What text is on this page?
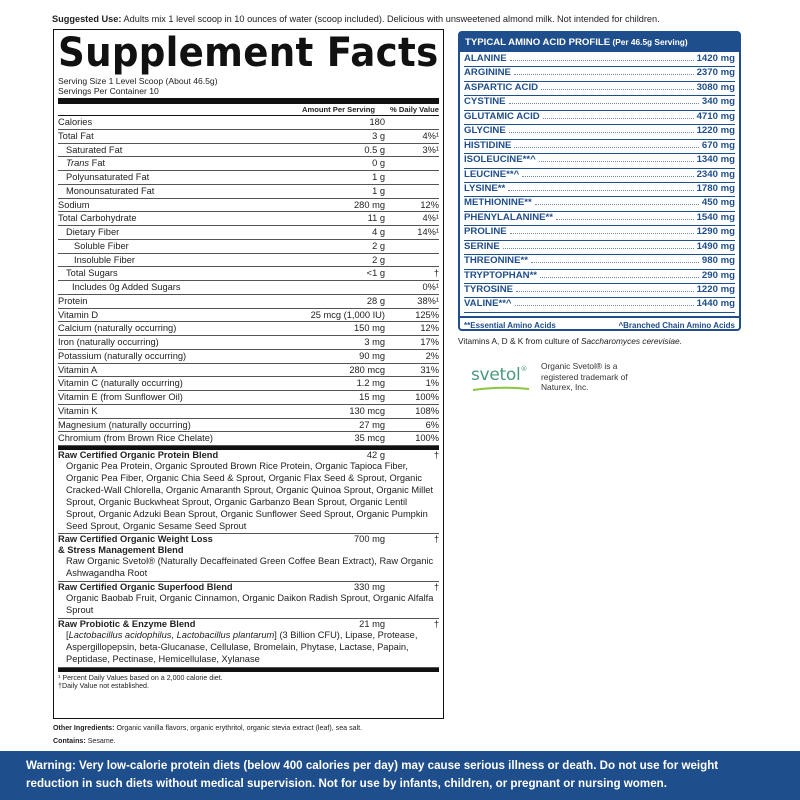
Suggested Use: Adults mix 1 level scoop in 10 ounces of water (scoop included). Delicious with unsweetened almond milk. Not intended for children.
Supplement Facts
Serving Size 1 Level Scoop (About 46.5g)
Servings Per Container 10
Amount Per Serving	% Daily Value
Calories	180
Total Fat	3 g	4%¹
Saturated Fat	0.5 g	3%¹
Trans Fat	0 g
Polyunsaturated Fat	1 g
Monounsaturated Fat	1 g
Sodium	280 mg	12%
Total Carbohydrate	11 g	4%¹
Dietary Fiber	4 g	14%¹
Soluble Fiber	2 g
Insoluble Fiber	2 g
Total Sugars	<1 g	†
Includes 0g Added Sugars	0%¹
Protein	28 g	38%¹
Vitamin D	25 mcg (1,000 IU)	125%
Calcium (naturally occurring)	150 mg	12%
Iron (naturally occurring)	3 mg	17%
Potassium (naturally occurring)	90 mg	2%
Vitamin A	280 mcg	31%
Vitamin C (naturally occurring)	1.2 mg	1%
Vitamin E (from Sunflower Oil)	15 mg	100%
Vitamin K	130 mcg	108%
Magnesium (naturally occurring)	27 mg	6%
Chromium (from Brown Rice Chelate)	35 mcg	100%
Raw Certified Organic Protein Blend	42 g	†
Organic Pea Protein, Organic Sprouted Brown Rice Protein, Organic Tapioca Fiber, Organic Pea Fiber, Organic Chia Seed & Sprout, Organic Flax Seed & Sprout, Organic Cracked-Wall Chlorella, Organic Amaranth Sprout, Organic Quinoa Sprout, Organic Millet Sprout, Organic Buckwheat Sprout, Organic Garbanzo Bean Sprout, Organic Lentil Sprout, Organic Adzuki Bean Sprout, Organic Sunflower Seed Sprout, Organic Pumpkin Seed Sprout, Organic Sesame Seed Sprout
Raw Certified Organic Weight Loss
& Stress Management Blend
700 mg	†
Raw Organic Svetol® (Naturally Decaffeinated Green Coffee Bean Extract), Raw Organic Ashwagandha Root
Raw Certified Organic Superfood Blend	330 mg	†
Organic Baobab Fruit, Organic Cinnamon, Organic Daikon Radish Sprout, Organic Alfalfa Sprout
Raw Probiotic & Enzyme Blend	21 mg	†
[Lactobacillus acidophilus, Lactobacillus plantarum] (3 Billion CFU), Lipase, Protease, Aspergillopepsin, beta-Glucanase, Cellulase, Bromelain, Phytase, Lactase, Papain, Peptidase, Pectinase, Hemicellulase, Xylanase
¹ Percent Daily Values based on a 2,000 calorie diet.
†Daily Value not established.
Other Ingredients: Organic vanilla flavors, organic erythritol, organic stevia extract (leaf), sea salt.
Contains: Sesame.
TYPICAL AMINO ACID PROFILE (Per 46.5g Serving)
ALANINE	1420 mg
ARGININE	2370 mg
ASPARTIC ACID	3080 mg
CYSTINE	340 mg
GLUTAMIC ACID	4710 mg
GLYCINE	1220 mg
HISTIDINE	670 mg
ISOLEUCINE**^	1340 mg
LEUCINE**^	2340 mg
LYSINE**	1780 mg
METHIONINE**	450 mg
PHENYLALANINE**	1540 mg
PROLINE	1290 mg
SERINE	1490 mg
THREONINE**	980 mg
TRYPTOPHAN**	290 mg
TYROSINE	1220 mg
VALINE**^	1440 mg
**Essential Amino Acids	^Branched Chain Amino Acids
Vitamins A, D & K from culture of Saccharomyces cerevisiae.
svetol® Organic Svetol® is a registered trademark of Naturex, Inc.
Warning: Very low-calorie protein diets (below 400 calories per day) may cause serious illness or death. Do not use for weight
reduction in such diets without medical supervision. Not for use by infants, children, or pregnant or nursing women.
